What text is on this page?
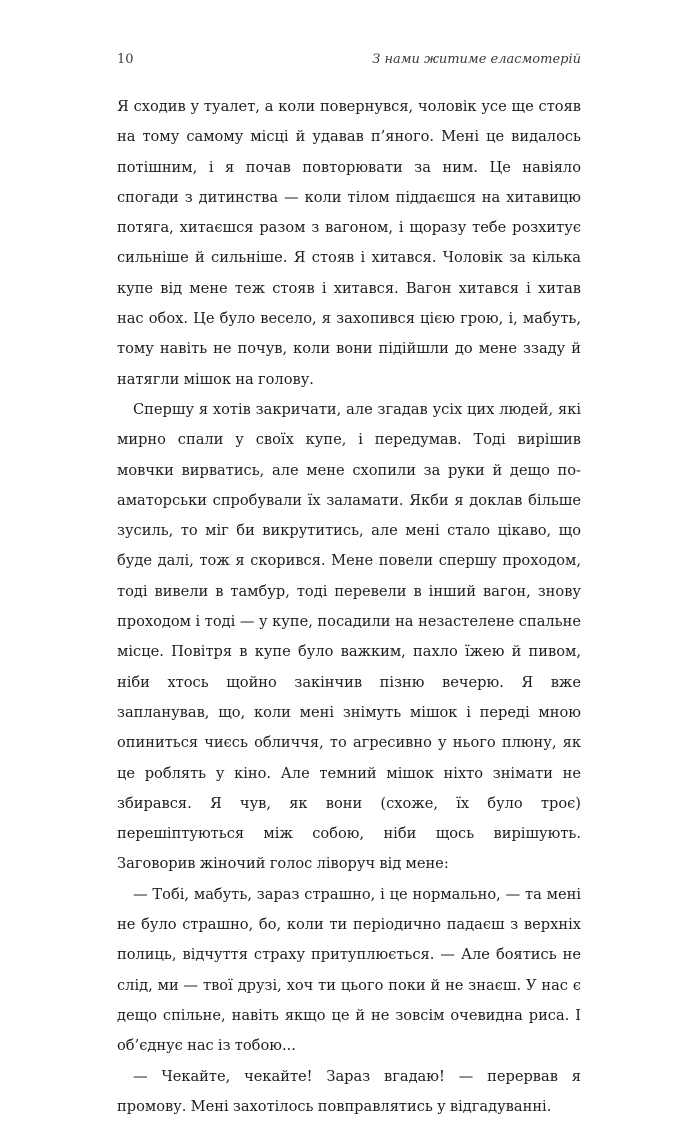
10	З нами житиме еласмотерій

Я сходив у туалет, а коли повернувся, чоловік усе ще стояв на тому самому місці й удавав п’яного. Мені це видалось потішним, і я почав повторювати за ним. Це навіяло спогади з дитинства — коли тілом піддаєшся на хитавицю потяга, хитаєшся разом з вагоном, і щоразу тебе розхитує сильніше й сильніше. Я стояв і хитався. Чоловік за кілька купе від мене теж стояв і хитався. Вагон хитався і хитав нас обох. Це було весело, я захопився цією грою, і, мабуть, тому навіть не почув, коли вони підійшли до мене ззаду й натягли мішок на голову.

Спершу я хотів закричати, але згадав усіх цих людей, які мирно спали у своїх купе, і передумав. Тоді вирішив мовчки вирватись, але мене схопили за руки й дещо по-аматорськи спробували їх заламати. Якби я доклав більше зусиль, то міг би викрутитись, але мені стало цікаво, що буде далі, тож я скорився. Мене повели спершу проходом, тоді вивели в тамбур, тоді перевели в інший вагон, знову проходом і тоді — у купе, посадили на незастелене спальне місце. Повітря в купе було важким, пахло їжею й пивом, ніби хтось щойно закінчив пізню вечерю. Я вже запланував, що, коли мені знімуть мішок і переді мною опиниться чиєсь обличчя, то агресивно у нього плюну, як це роблять у кіно. Але темний мішок ніхто знімати не збирався. Я чув, як вони (схоже, їх було троє) перешіптуються між собою, ніби щось вирішують. Заговорив жіночий голос ліворуч від мене:

— Тобі, мабуть, зараз страшно, і це нормально, — та мені не було страшно, бо, коли ти періодично падаєш з верхніх полиць, відчуття страху притуплюється. — Але боятись не слід, ми — твої друзі, хоч ти цього поки й не знаєш. У нас є дещо спільне, навіть якщо це й не зовсім очевидна риса. І об’єднує нас із тобою...

— Чекайте, чекайте! Зараз вгадаю! — перервав я промову. Мені захотілось повправлятись у відгадуванні.
